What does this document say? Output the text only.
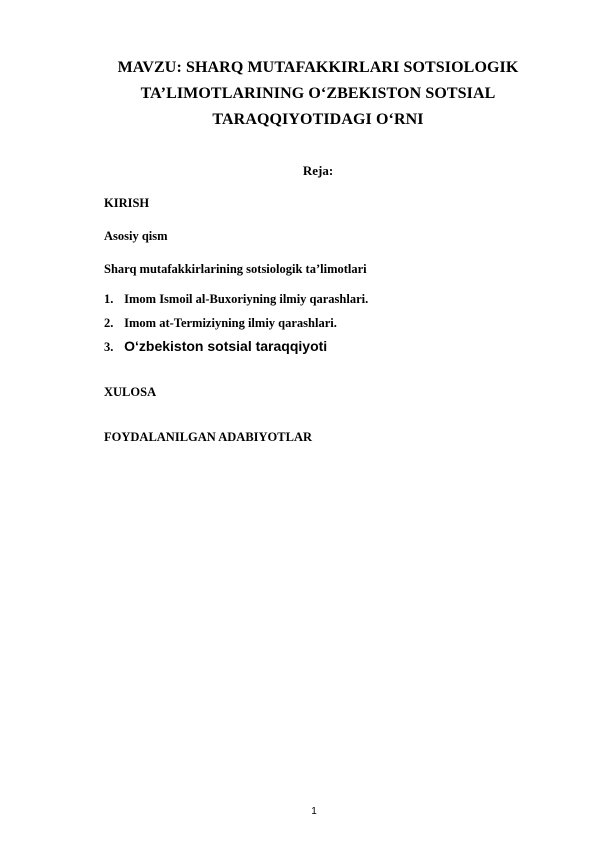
MAVZU: SHARQ MUTAFAKKIRLARI SOTSIOLOGIK
TA’LIMOTLARINING O‘ZBEKISTON SOTSIAL
TARAQQIYOTIDAGI O‘RNI
Reja:
KIRISH
Asosiy qism
Sharq mutafakkirlarining sotsiologik ta’limotlari
1. Imom Ismoil al-Buxoriyning ilmiy qarashlari.
2. Imom at-Termiziyning ilmiy qarashlari.
3. O‘zbekiston sotsial taraqqiyoti
XULOSA
FOYDALANILGAN ADABIYOTLAR
1
